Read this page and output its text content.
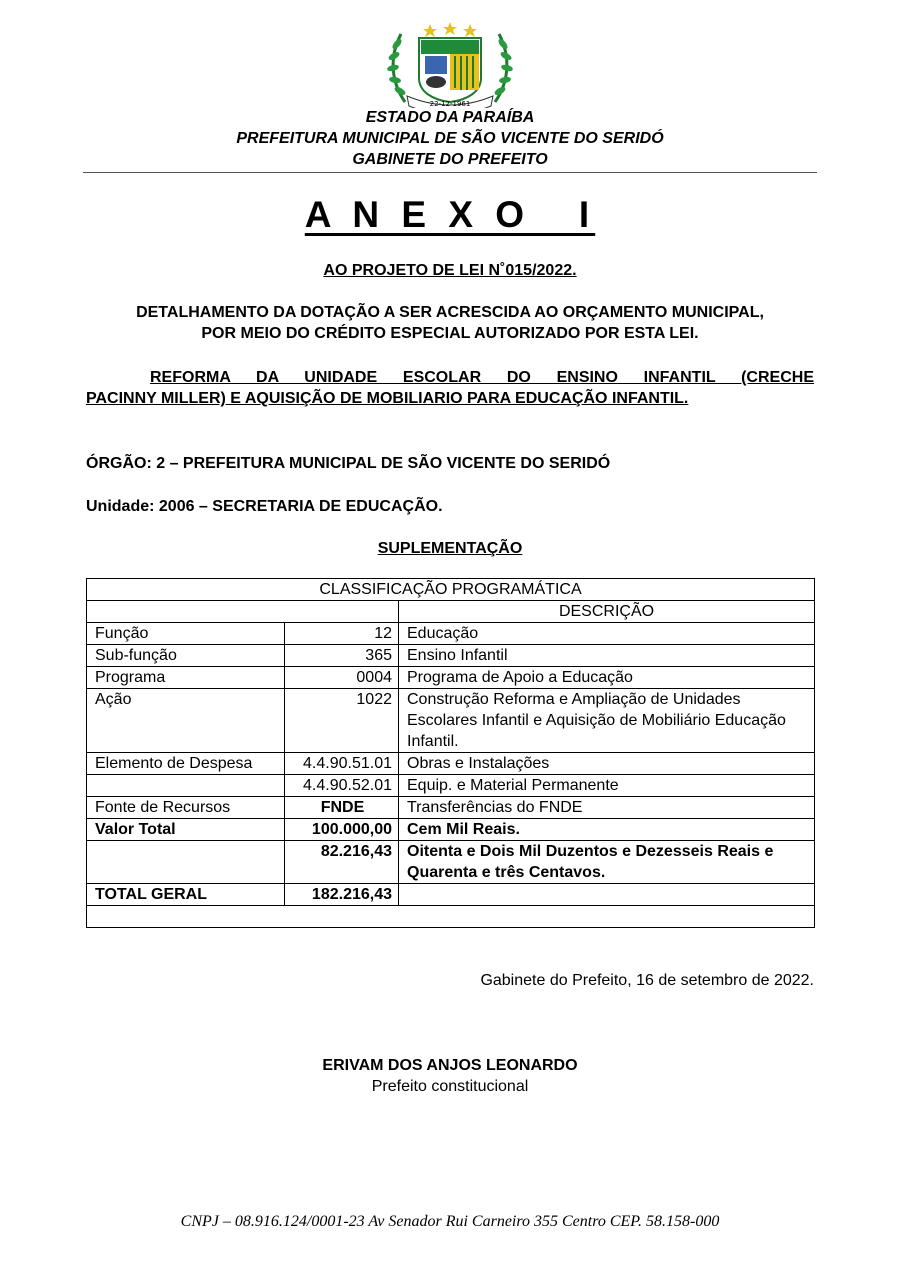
22-12-1961
ESTADO DA PARAÍBA
PREFEITURA MUNICIPAL DE SÃO VICENTE DO SERIDÓ
GABINETE DO PREFEITO
A N E X O   I
AO PROJETO DE LEI N˚015/2022.
DETALHAMENTO DA DOTAÇÃO A SER ACRESCIDA AO ORÇAMENTO MUNICIPAL,
POR MEIO DO CRÉDITO ESPECIAL AUTORIZADO POR ESTA LEI.
REFORMA DA UNIDADE ESCOLAR DO ENSINO INFANTIL (CRECHE
PACINNY MILLER) E AQUISIÇÃO DE MOBILIARIO PARA EDUCAÇÃO INFANTIL.
ÓRGÃO: 2 – PREFEITURA MUNICIPAL DE SÃO VICENTE DO SERIDÓ
Unidade: 2006 – SECRETARIA DE EDUCAÇÃO.
SUPLEMENTAÇÃO
CLASSIFICAÇÃO PROGRAMÁTICA		
		DESCRIÇÃO
Função	12	Educação
Sub-função	365	Ensino Infantil
Programa	0004	Programa de Apoio a Educação
Ação	1022	Construção Reforma e Ampliação de Unidades Escolares Infantil e Aquisição de Mobiliário Educação Infantil.
Elemento de Despesa	4.4.90.51.01	Obras e Instalações
	4.4.90.52.01	Equip. e Material Permanente
Fonte de Recursos	FNDE	Transferências do FNDE
Valor Total	100.000,00	Cem Mil Reais.
	82.216,43	Oitenta e Dois Mil Duzentos e Dezesseis Reais e Quarenta e três Centavos.
TOTAL GERAL	182.216,43	

Gabinete do Prefeito, 16 de setembro de 2022.
ERIVAM DOS ANJOS LEONARDO
Prefeito constitucional
CNPJ – 08.916.124/0001-23 Av Senador Rui Carneiro 355 Centro CEP. 58.158-000
